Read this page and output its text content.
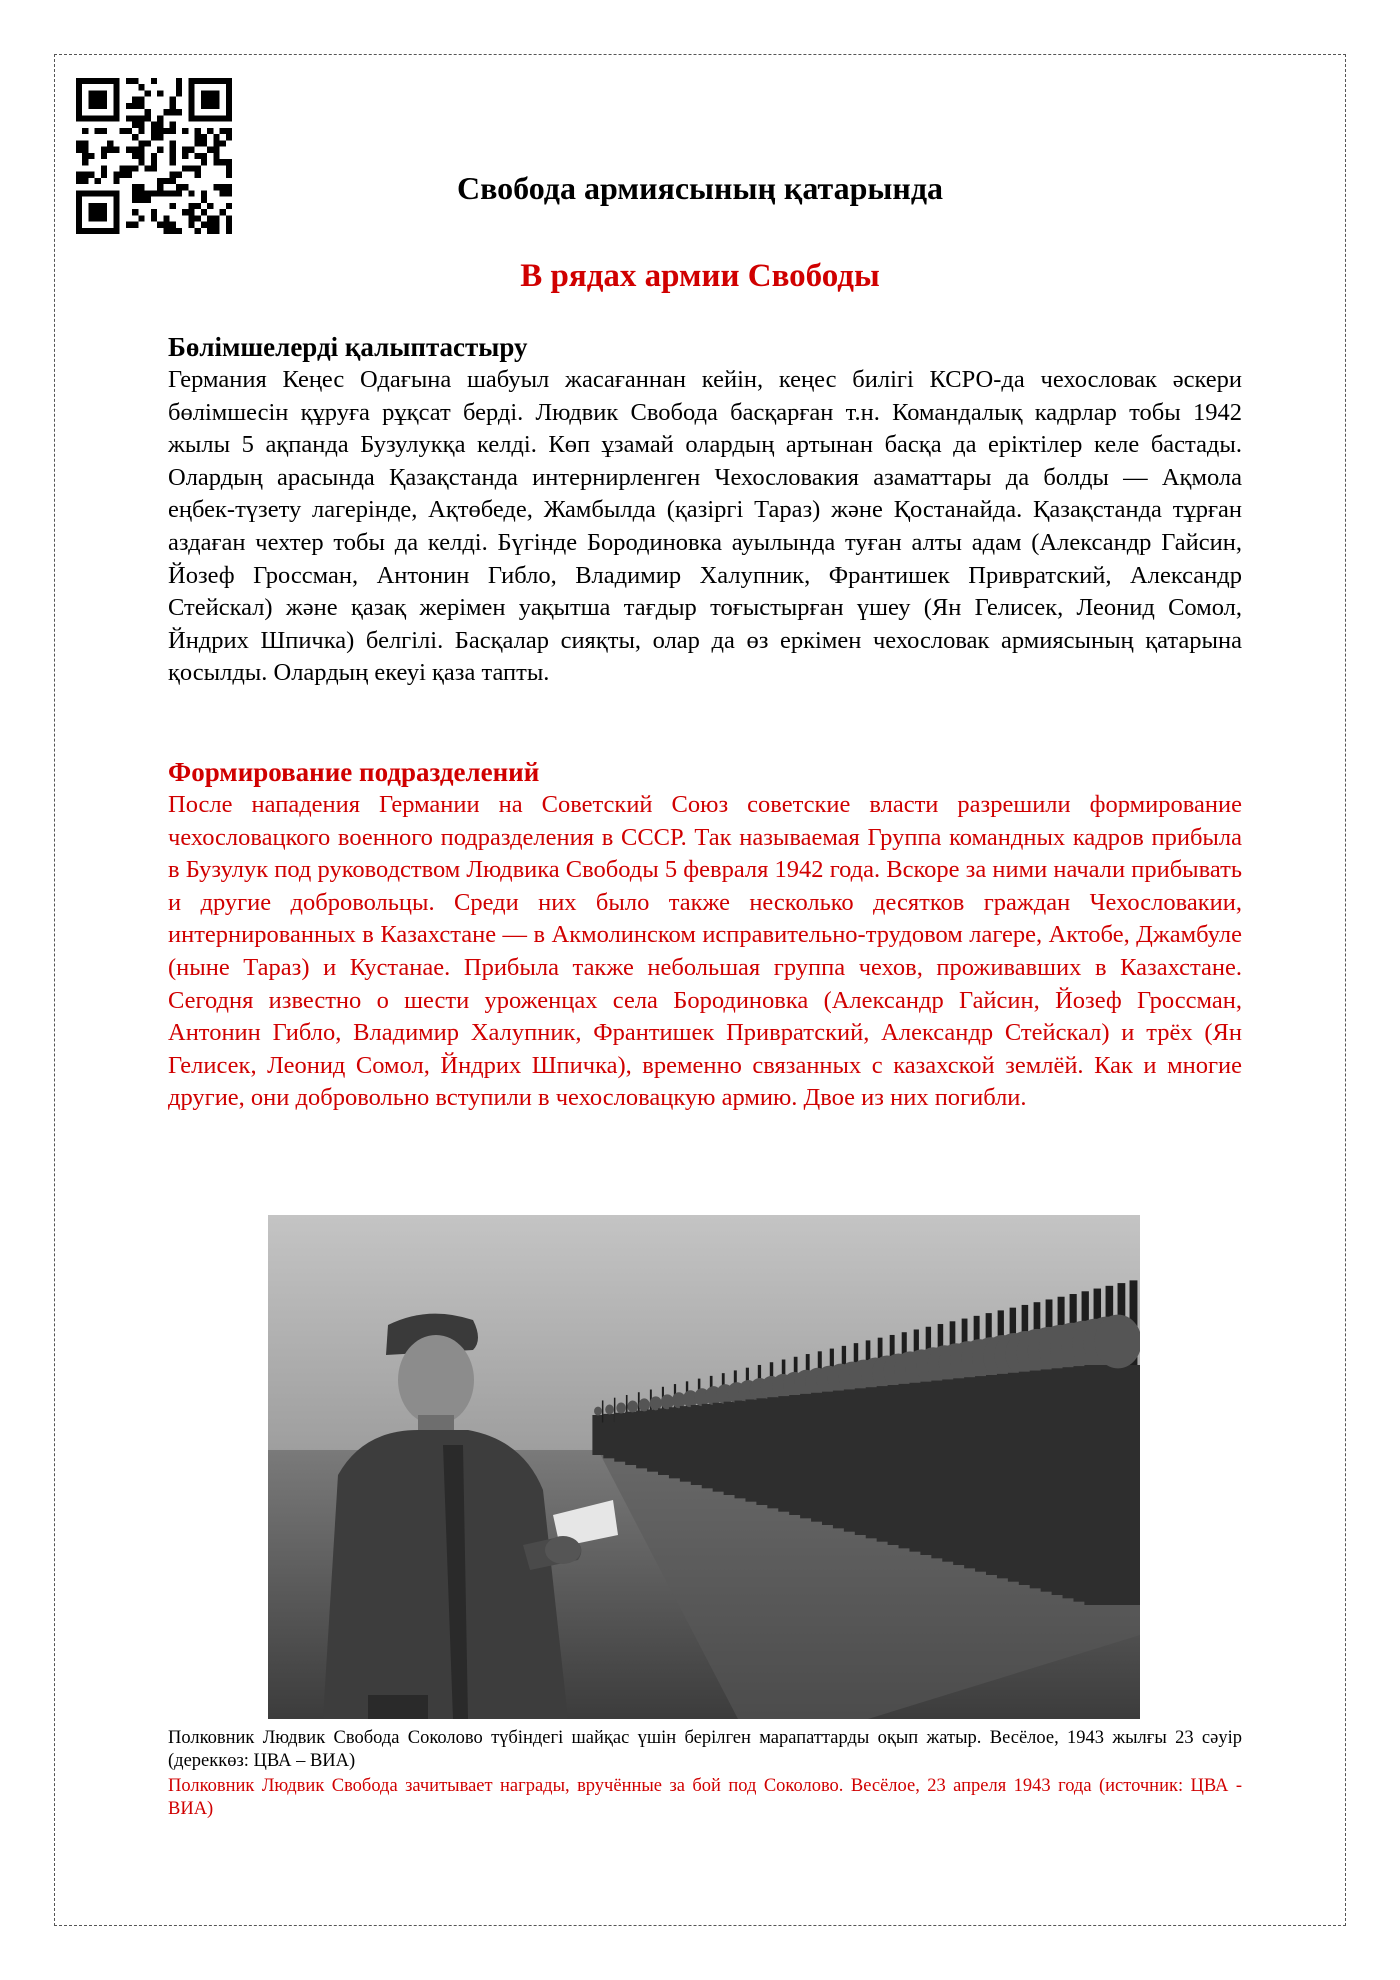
Свобода армиясының қатарында
В рядах армии Свободы
Бөлімшелерді қалыптастыру
Германия Кеңес Одағына шабуыл жасағаннан кейін, кеңес билігі КСРО-да чехословак әскери бөлімшесін құруға рұқсат берді. Людвик Свобода басқарған т.н. Командалық кадрлар тобы 1942 жылы 5 ақпанда Бузулукқа келді. Көп ұзамай олардың артынан басқа да еріктілер келе бастады. Олардың арасында Қазақстанда интернирленген Чехословакия азаматтары да болды — Ақмола еңбек-түзету лагерінде, Ақтөбеде, Жамбылда (қазіргі Тараз) және Қостанайда. Қазақстанда тұрған аздаған чехтер тобы да келді. Бүгінде Бородиновка ауылында туған алты адам (Александр Гайсин, Йозеф Гроссман, Антонин Гибло, Владимир Халупник, Франтишек Привратский, Александр Стейскал) және қазақ жерімен уақытша тағдыр тоғыстырған үшеу (Ян Гелисек, Леонид Сомол, Йндрих Шпичка) белгілі. Басқалар сияқты, олар да өз еркімен чехословак армиясының қатарына қосылды. Олардың екеуі қаза тапты.
Формирование подразделений
После нападения Германии на Советский Союз советские власти разрешили формирование чехословацкого военного подразделения в СССР. Так называемая Группа командных кадров прибыла в Бузулук под руководством Людвика Свободы 5 февраля 1942 года. Вскоре за ними начали прибывать и другие добровольцы. Среди них было также несколько десятков граждан Чехословакии, интернированных в Казахстане — в Акмолинском исправительно-трудовом лагере, Актобе, Джамбуле (ныне Тараз) и Кустанае. Прибыла также небольшая группа чехов, проживавших в Казахстане. Сегодня известно о шести уроженцах села Бородиновка (Александр Гайсин, Йозеф Гроссман, Антонин Гибло, Владимир Халупник, Франтишек Привратский, Александр Стейскал) и трёх (Ян Гелисек, Леонид Сомол, Йндрих Шпичка), временно связанных с казахской землёй. Как и многие другие, они добровольно вступили в чехословацкую армию. Двое из них погибли.
Полковник Людвик Свобода Соколово түбіндегі шайқас үшін берілген марапаттарды оқып жатыр. Весёлое, 1943 жылғы 23 сәуір (дереккөз: ЦВА – ВИА)
Полковник Людвик Свобода зачитывает награды, вручённые за бой под Соколово. Весёлое, 23 апреля 1943 года (источник: ЦВА - ВИА)
